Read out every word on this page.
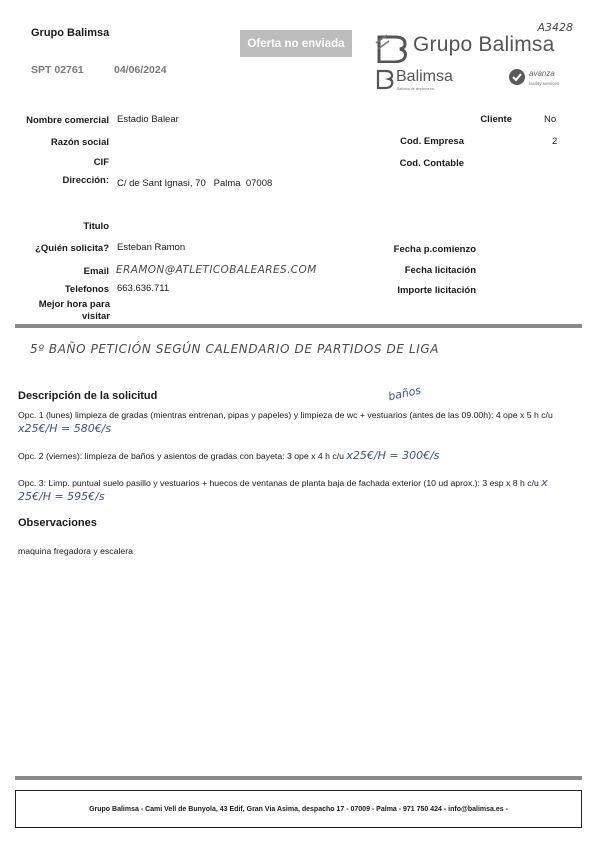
Grupo Balimsa
SPT 02761	04/06/2024
Oferta no enviada	Grupo Balimsa
A3428
Balimsa
Balimsa de limpieza sa
avanza
facility services
Nombre comercial Estadio Balear	Cliente	No
Razón social	Cod. Empresa	2
CIF	Cod. Contable
Dirección: C/ de Sant Ignasi, 70   Palma  07008
Titulo
¿Quién solicita? Esteban Ramon	Fecha p.comienzo
Email ERAMON@ATLETICOBALEARES.COM	Fecha licitación
Telefonos 663.636.711	Importe licitación
Mejor hora para visitar
5º BAÑO PETICIÓN SEGÚN CALENDARIO DE PARTIDOS DE LIGA
Descripción de la solicitud	baños
Opc. 1 (lunes) limpieza de gradas (mientras entrenan, pipas y papeles) y limpieza de wc + vestuarios (antes de las 09.00h): 4 ope x 5 h c/u x25€/H = 580€/s
Opc. 2 (viernes): limpieza de baños y asientos de gradas con bayeta: 3 ope x 4 h c/u x25€/H = 300€/s
Opc. 3: Limp. puntual suelo pasillo y vestuarios + huecos de ventanas de planta baja de fachada exterior (10 ud aprox.): 3 esp x 8 h c/u x 25€/H = 595€/s
Observaciones
maquina fregadora y escalera
Grupo Balimsa - Cami Vell de Bunyola, 43 Edif, Gran Via Asima, despacho 17 - 07009 - Palma - 971 750 424 - info@balimsa.es -
